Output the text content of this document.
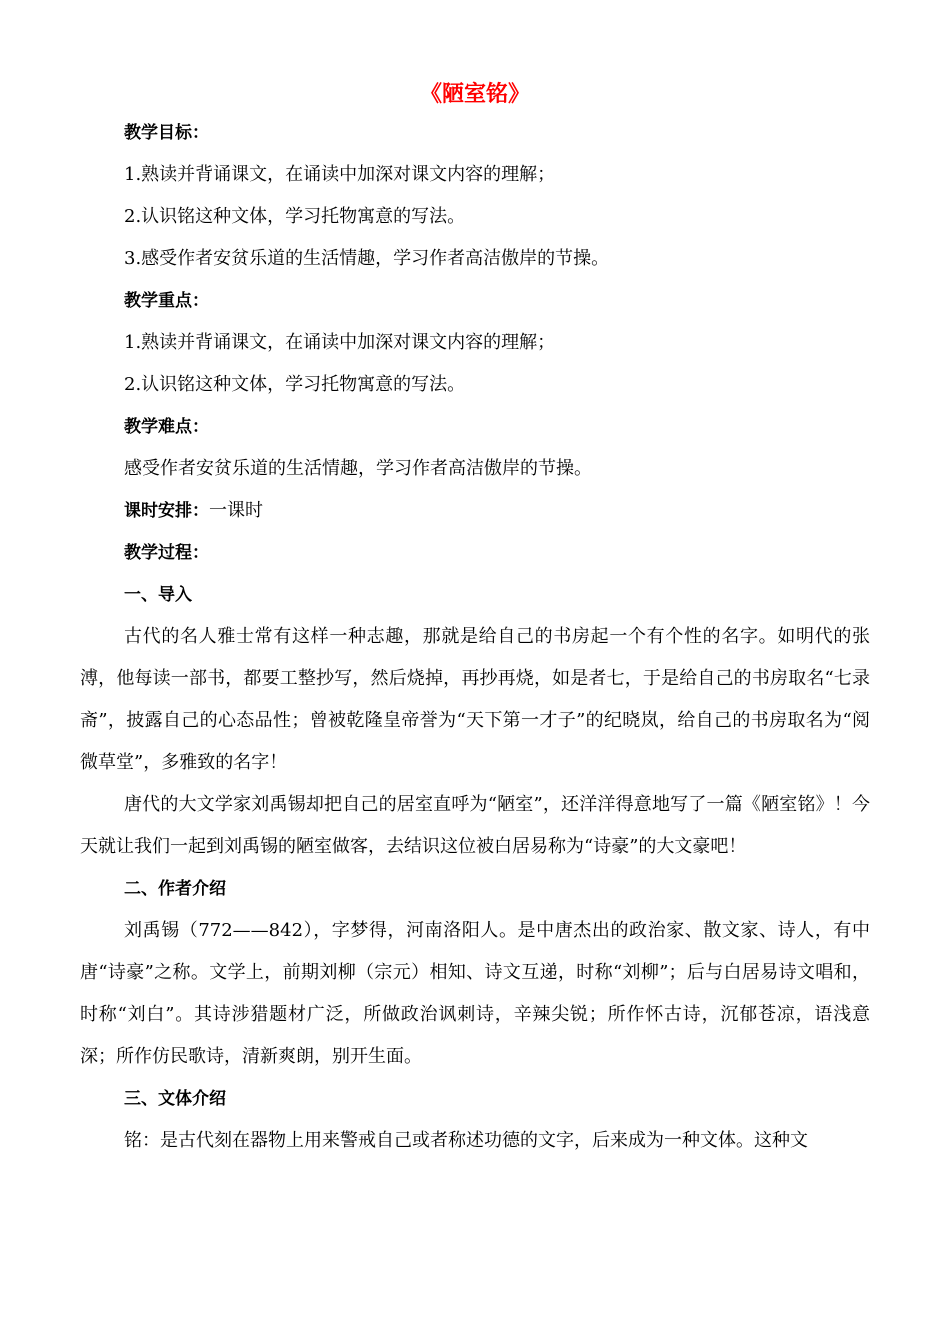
《陋室铭》
教学目标：
1.熟读并背诵课文，在诵读中加深对课文内容的理解；
2.认识铭这种文体，学习托物寓意的写法。
3.感受作者安贫乐道的生活情趣，学习作者高洁傲岸的节操。
教学重点：
1.熟读并背诵课文，在诵读中加深对课文内容的理解；
2.认识铭这种文体，学习托物寓意的写法。
教学难点：
感受作者安贫乐道的生活情趣，学习作者高洁傲岸的节操。
课时安排：一课时
教学过程：
一、导入

古代的名人雅士常有这样一种志趣，那就是给自己的书房起一个有个性的名字。如明代的张溥，他每读一部书，都要工整抄写，然后烧掉，再抄再烧，如是者七，于是给自己的书房取名“七录斋”，披露自己的心态品性；曾被乾隆皇帝誉为“天下第一才子”的纪晓岚，给自己的书房取名为“阅微草堂”，多雅致的名字！

唐代的大文学家刘禹锡却把自己的居室直呼为“陋室”，还洋洋得意地写了一篇《陋室铭》！今天就让我们一起到刘禹锡的陋室做客，去结识这位被白居易称为“诗豪”的大文豪吧！

二、作者介绍

刘禹锡（772——842），字梦得，河南洛阳人。是中唐杰出的政治家、散文家、诗人，有中唐“诗豪”之称。文学上，前期刘柳（宗元）相知、诗文互递，时称“刘柳”；后与白居易诗文唱和，时称“刘白”。其诗涉猎题材广泛，所做政治讽刺诗，辛辣尖锐；所作怀古诗，沉郁苍凉，语浅意深；所作仿民歌诗，清新爽朗，别开生面。

三、文体介绍

铭：是古代刻在器物上用来警戒自己或者称述功德的文字，后来成为一种文体。这种文
